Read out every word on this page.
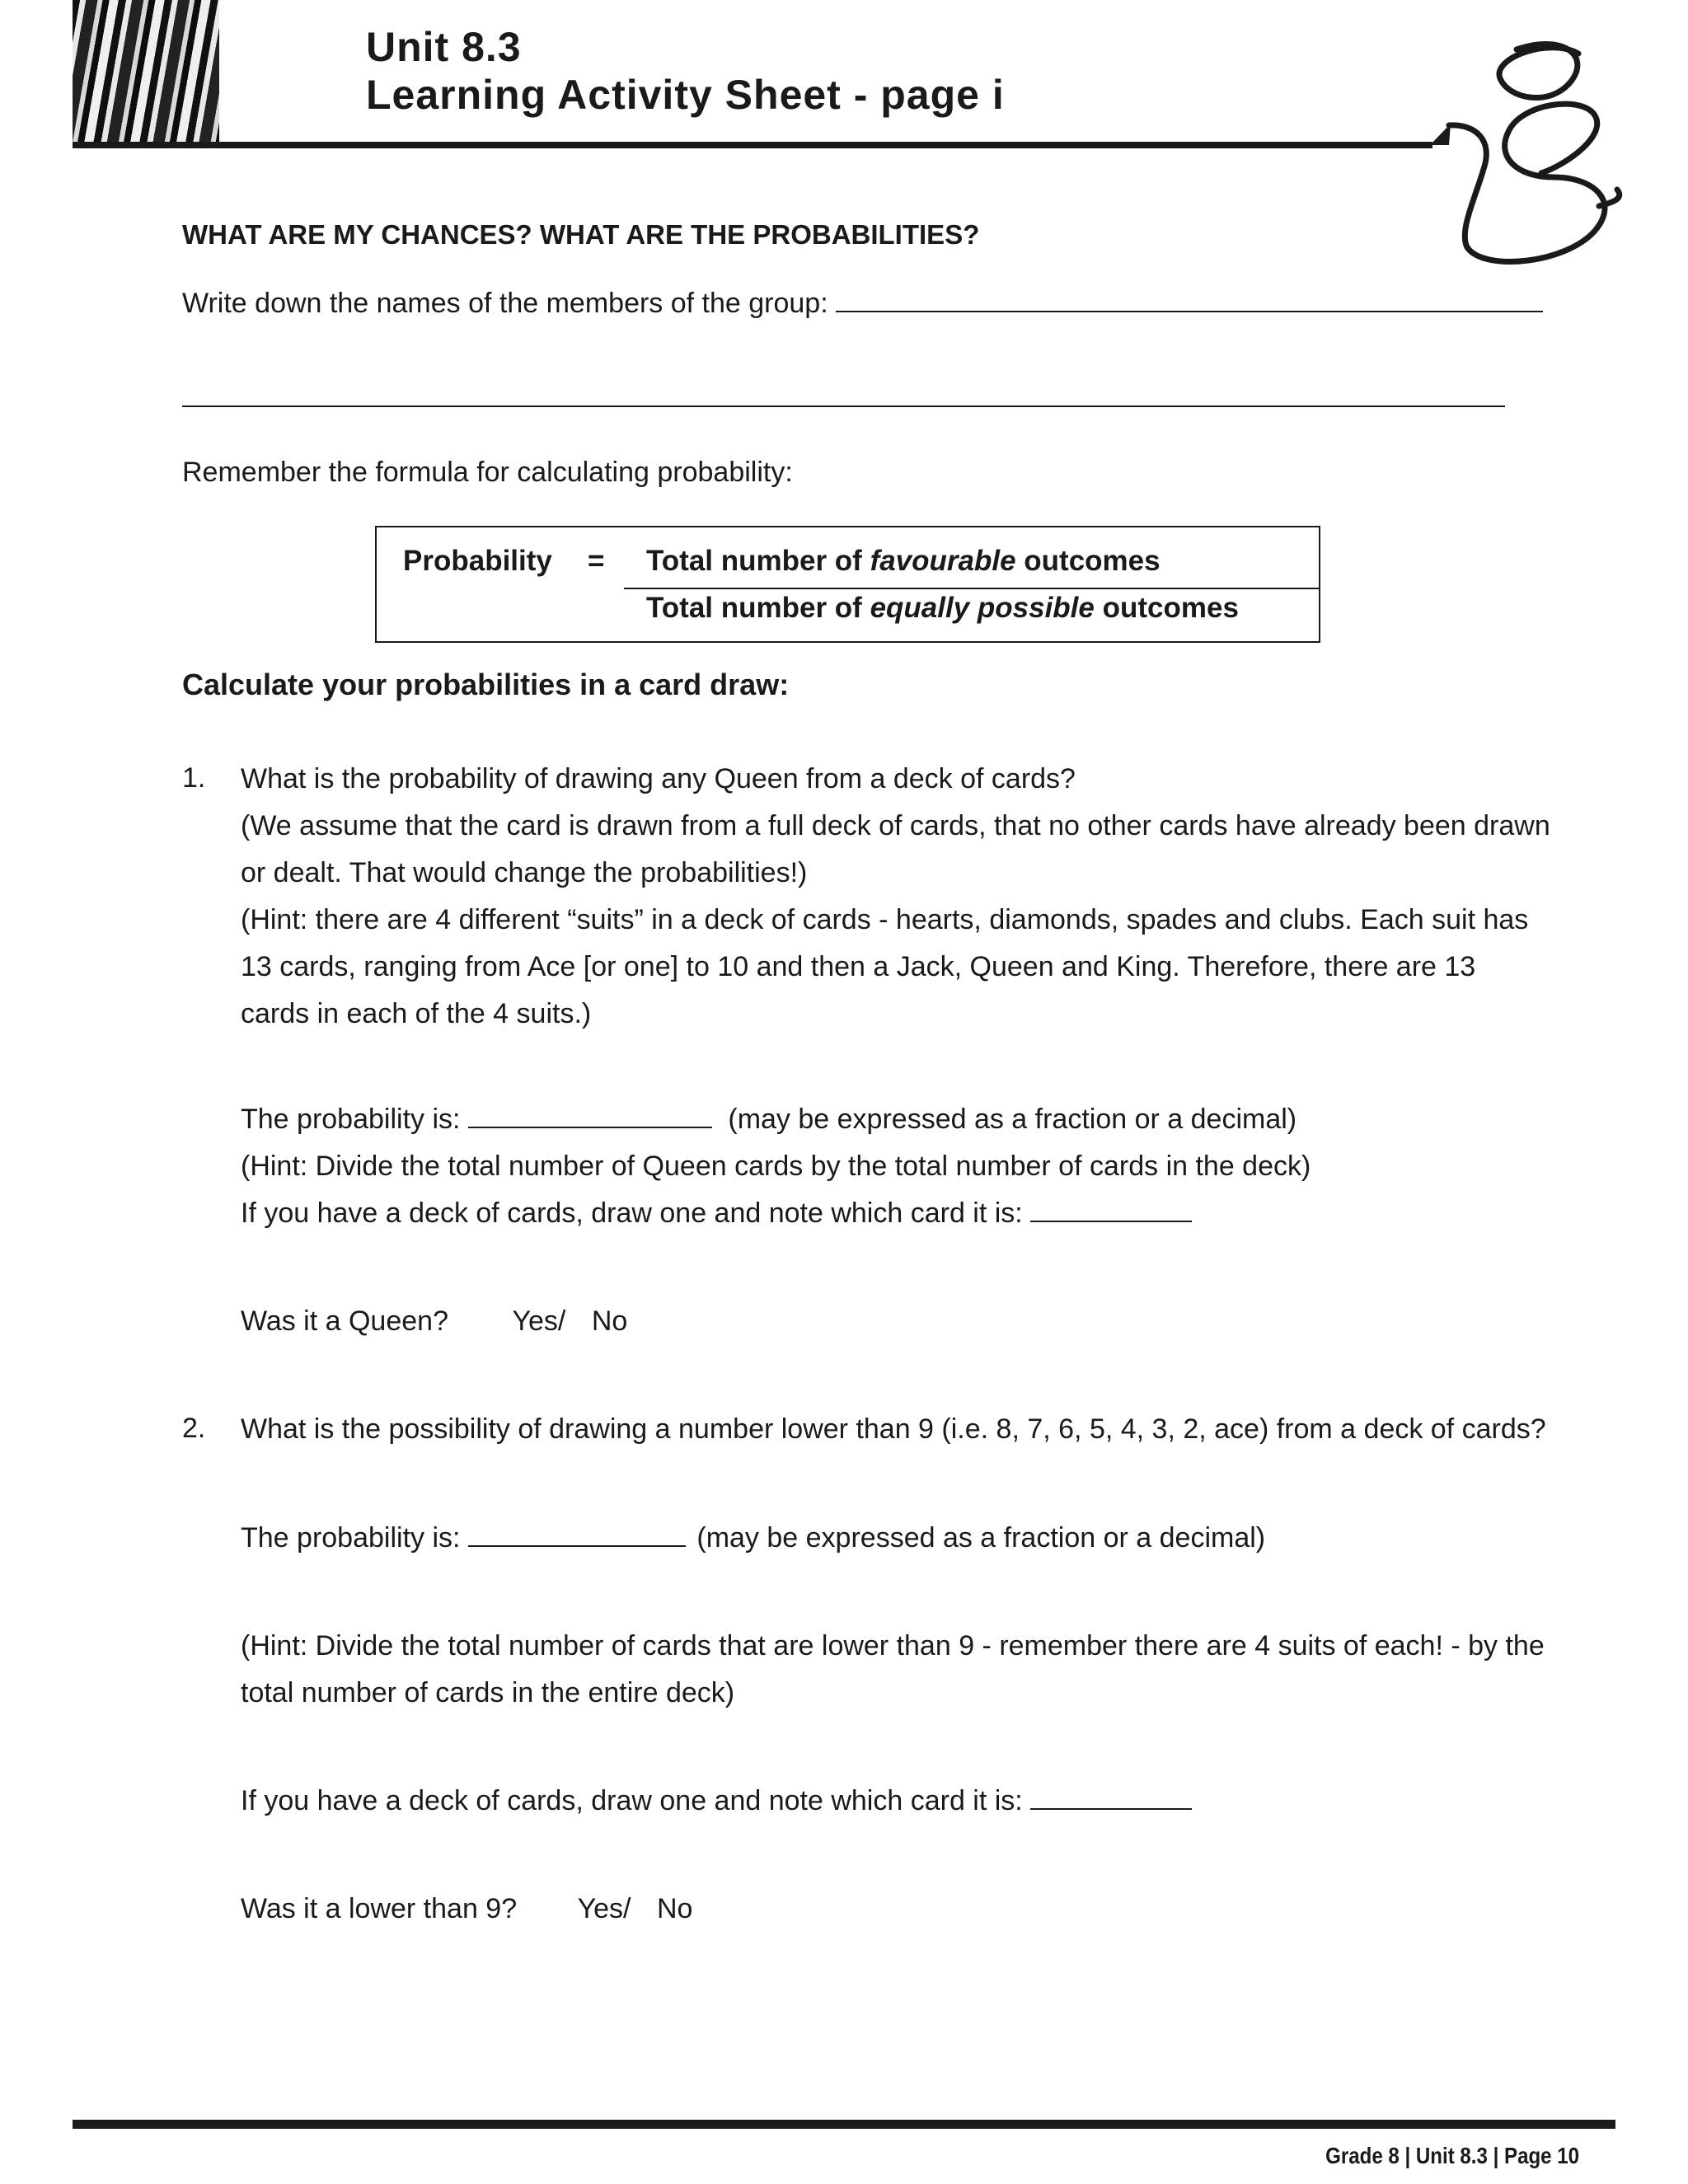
Unit 8.3
Learning Activity Sheet - page i
WHAT ARE MY CHANCES? WHAT ARE THE PROBABILITIES?
Write down the names of the members of the group:
Remember the formula for calculating probability:
Probability = Total number of favourable outcomes
Total number of equally possible outcomes
Calculate your probabilities in a card draw:
1. What is the probability of drawing any Queen from a deck of cards?

(We assume that the card is drawn from a full deck of cards, that no other cards have already been drawn or dealt. That would change the probabilities!)

(Hint: there are 4 different “suits” in a deck of cards - hearts, diamonds, spades and clubs. Each suit has 13 cards, ranging from Ace [or one] to 10 and then a Jack, Queen and King. Therefore, there are 13 cards in each of the 4 suits.)

The probability is:	(may be expressed as a fraction or a decimal)
(Hint: Divide the total number of Queen cards by the total number of cards in the deck)
If you have a deck of cards, draw one and note which card it is:
Was it a Queen? Yes/ No
2. What is the possibility of drawing a number lower than 9 (i.e. 8, 7, 6, 5, 4, 3, 2, ace) from a deck of cards?
The probability is:	(may be expressed as a fraction or a decimal)
(Hint: Divide the total number of cards that are lower than 9 - remember there are 4 suits of each! - by the total number of cards in the entire deck)
If you have a deck of cards, draw one and note which card it is:
Was it a lower than 9? Yes/ No
Grade 8 | Unit 8.3 | Page 10
